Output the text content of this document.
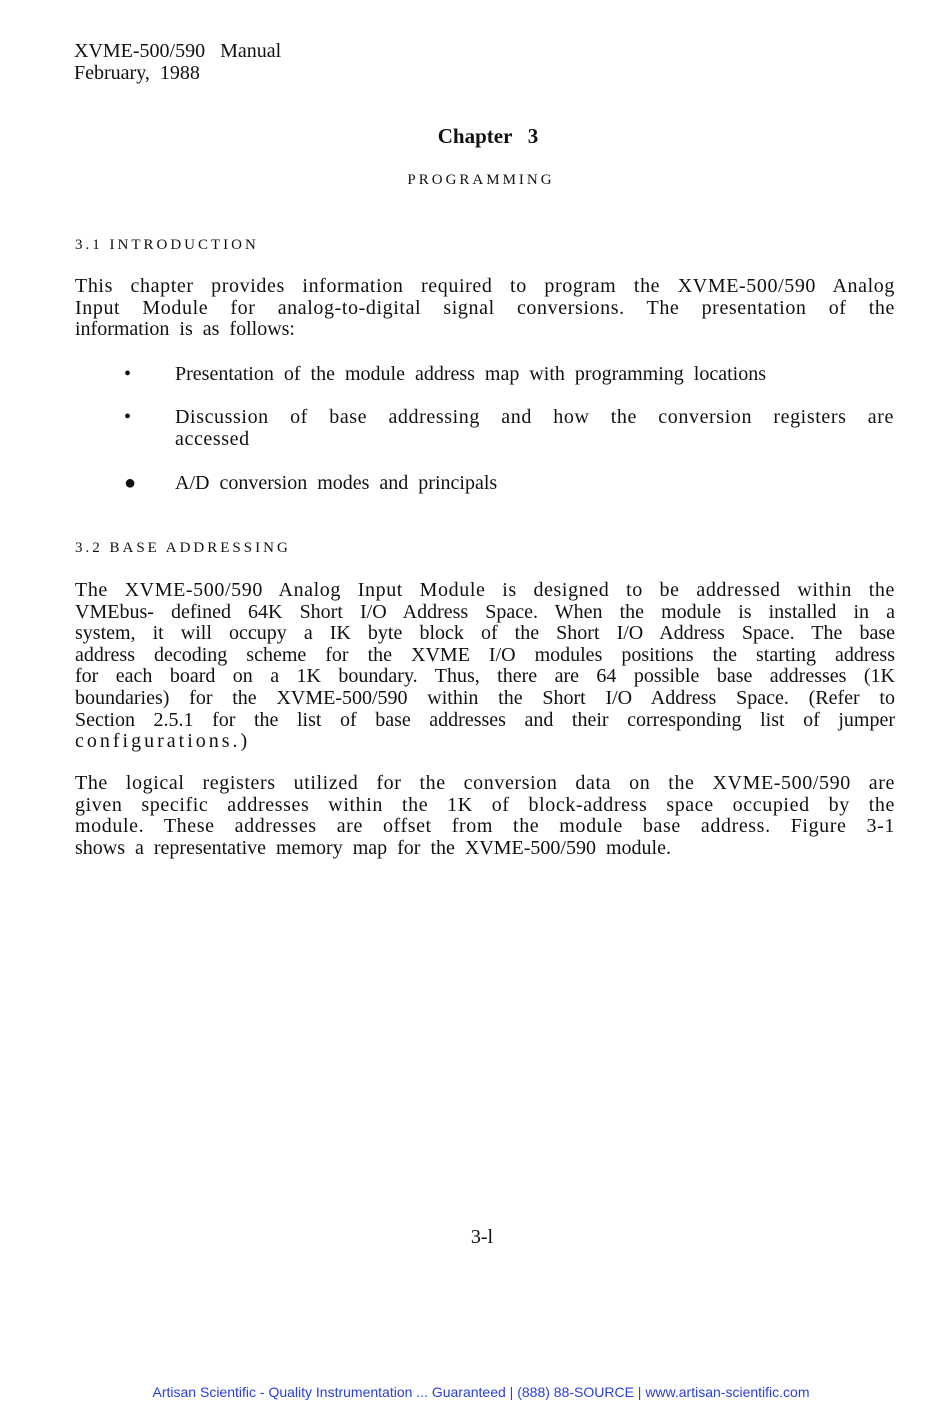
XVME-500/590   Manual
February,  1988
Chapter   3
PROGRAMMING
3.1 INTRODUCTION
This chapter provides information required to program the XVME-500/590 Analog
Input Module for analog-to-digital signal conversions. The presentation of the
information  is  as  follows:
•	Presentation  of  the  module  address  map  with  programming  locations
•	Discussion of base addressing and how the conversion registers are
accessed
●	A/D  conversion  modes  and  principals
3.2 BASE ADDRESSING
The XVME-500/590 Analog Input Module is designed to be addressed within the
VMEbus- defined 64K Short I/O Address Space. When the module is installed in a
system, it will occupy a IK byte block of the Short I/O Address Space. The base
address decoding scheme for the XVME I/O modules positions the starting address
for each board on a 1K boundary. Thus, there are 64 possible base addresses (1K
boundaries) for the XVME-500/590 within the Short I/O Address Space. (Refer to
Section 2.5.1 for the list of base addresses and their corresponding list of jumper
configurations.)
The logical registers utilized for the conversion data on the XVME-500/590 are
given specific addresses within the 1K of block-address space occupied by the
module. These addresses are offset from the module base address. Figure 3-1
shows  a  representative  memory  map  for  the  XVME-500/590  module.
3-l
Artisan Scientific - Quality Instrumentation ... Guaranteed | (888) 88-SOURCE | www.artisan-scientific.com
